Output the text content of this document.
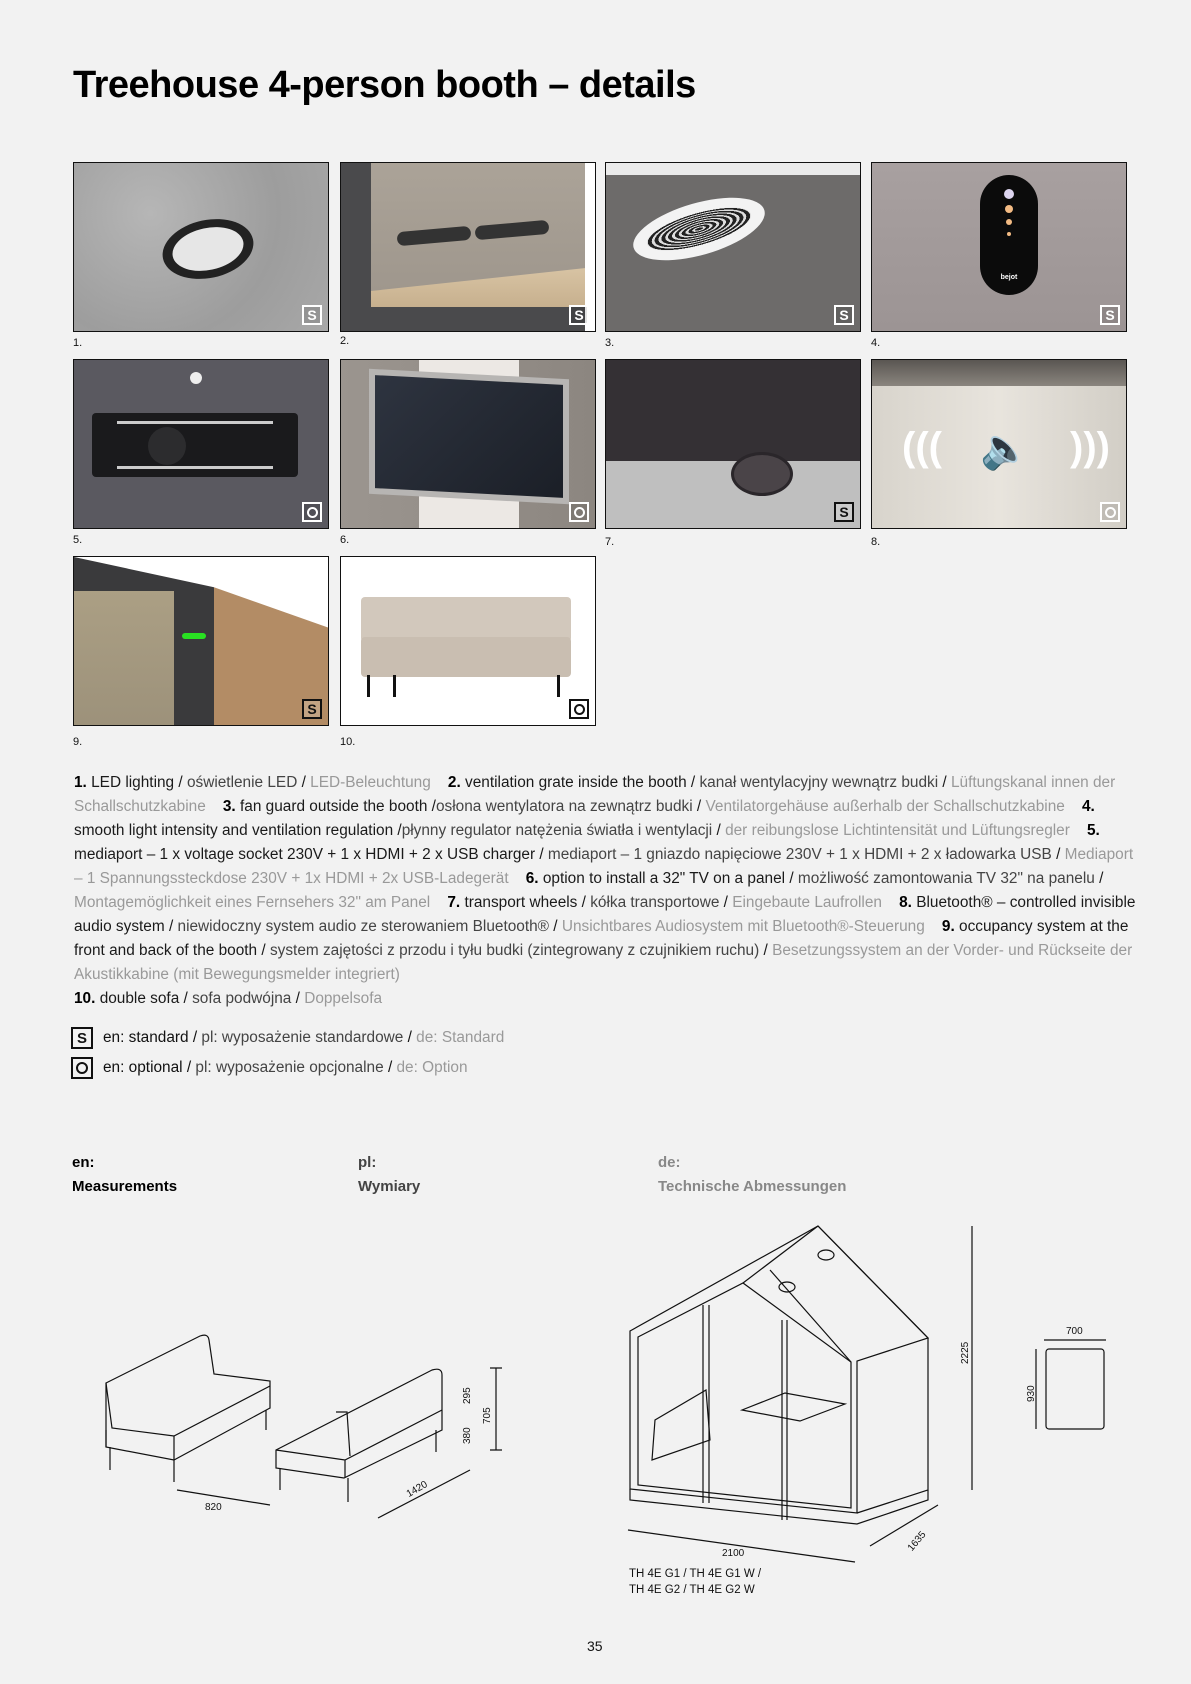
Treehouse 4-person booth – details
S
1.
S
2.
S
3.
bejot
S
4.
5.	6.
S
7.
((( 🔈 )))
8.
S
9.	10.
1. LED lighting / oświetlenie LED / LED-Beleuchtung 2. ventilation grate inside the booth / kanał wentylacyjny wewnątrz budki / Lüftungskanal innen der Schallschutzkabine 3. fan guard outside the booth /osłona wentylatora na zewnątrz budki / Ventilatorgehäuse außerhalb der Schallschutzkabine 4. smooth light intensity and ventilation regulation /płynny regulator natężenia światła i wentylacji / der reibungslose Lichtintensität und Lüftungsregler 5. mediaport – 1 x voltage socket 230V + 1 x HDMI + 2 x USB charger / mediaport – 1 gniazdo napięciowe 230V + 1 x HDMI + 2 x ładowarka USB / Mediaport – 1 Spannungssteckdose 230V + 1x HDMI + 2x USB-Ladegerät 6. option to install a 32" TV on a panel / możliwość zamontowania TV 32" na panelu / Montagemöglichkeit eines Fernsehers 32" am Panel 7. transport wheels / kółka transportowe / Eingebaute Laufrollen 8. Bluetooth® – controlled invisible audio system / niewidoczny system audio ze sterowaniem Bluetooth® / Unsichtbares Audiosystem mit Bluetooth®-Steuerung 9. occupancy system at the front and back of the booth / system zajętości z przodu i tyłu budki (zintegrowany z czujnikiem ruchu) / Besetzungssystem an der Vorder- und Rückseite der Akustikkabine (mit Bewegungsmelder integriert)
10. double sofa / sofa podwójna / Doppelsofa
S	en: standard / pl: wyposażenie standardowe / de: Standard
en: optional / pl: wyposażenie opcjonalne / de: Option
en:
Measurements
pl:
Wymiary
de:
Technische Abmessungen
820
1420
295
380
705
2225
2100	1635
700
930
TH 4E G1 / TH 4E G1 W /
TH 4E G2 / TH 4E G2 W
35
